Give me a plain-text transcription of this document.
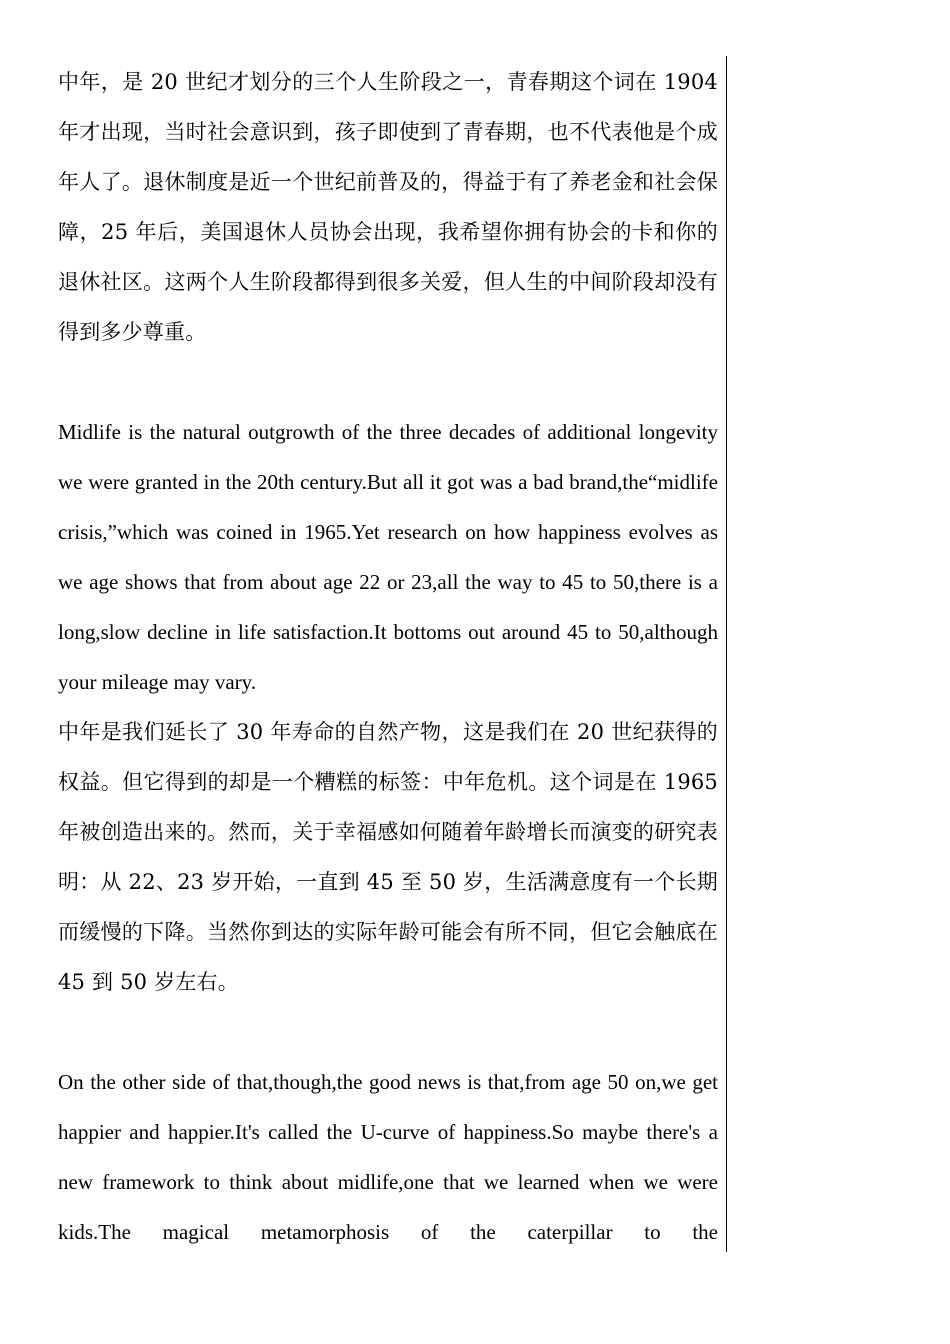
中年，是 20 世纪才划分的三个人生阶段之一，青春期这个词在 1904 年才出现，当时社会意识到，孩子即使到了青春期，也不代表他是个成年人了。退休制度是近一个世纪前普及的，得益于有了养老金和社会保障，25 年后，美国退休人员协会出现，我希望你拥有协会的卡和你的退休社区。这两个人生阶段都得到很多关爱，但人生的中间阶段却没有得到多少尊重。

Midlife is the natural outgrowth of the three decades of additional longevity we were granted in the 20th century.But all it got was a bad brand,the“midlife crisis,”which was coined in 1965.Yet research on how happiness evolves as we age shows that from about age 22 or 23,all the way to 45 to 50,there is a long,slow decline in life satisfaction.It bottoms out around 45 to 50,although your mileage may vary.

中年是我们延长了 30 年寿命的自然产物，这是我们在 20 世纪获得的权益。但它得到的却是一个糟糕的标签：中年危机。这个词是在 1965 年被创造出来的。然而，关于幸福感如何随着年龄增长而演变的研究表明：从 22、23 岁开始，一直到 45 至 50 岁，生活满意度有一个长期而缓慢的下降。当然你到达的实际年龄可能会有所不同，但它会触底在 45 到 50 岁左右。

On the other side of that,though,the good news is that,from age 50 on,we get happier and happier.It's called the U-curve of happiness.So maybe there's a new framework to think about midlife,one that we learned when we were kids.The magical metamorphosis of the caterpillar to the
